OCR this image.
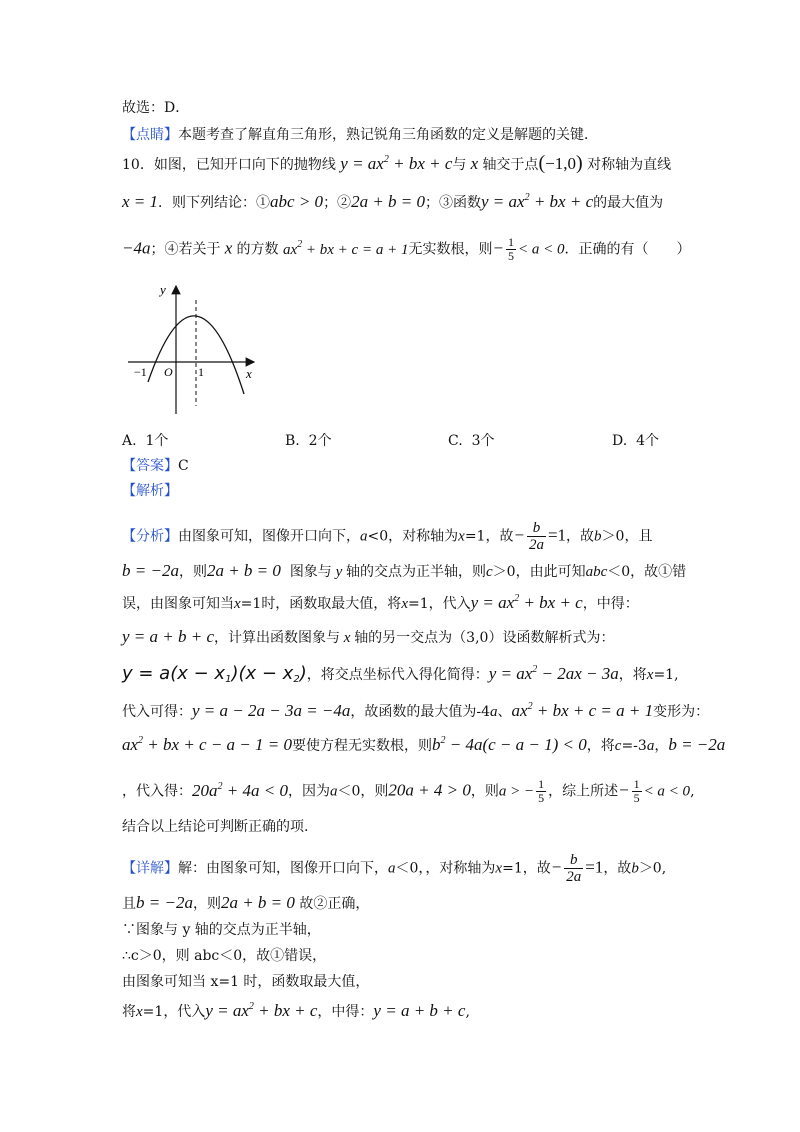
故选：D．
【点睛】本题考查了解直角三角形，熟记锐角三角函数的定义是解题的关键．
10．如图，已知开口向下的抛物线 $y = ax^2$ + bx + c与 x 轴交于点(−1,0) 对称轴为直线
x = 1．则下列结论：①abc > 0；②2a + b = 0；③函数$y = ax^2$ + bx + c的最大值为
−4a；④若关于 x 的方数 $ax^2$ + bx + c = a + 1无实数根，则− $\frac{1}{5} < a < 0$．正确的有（　　）
y
x
O
−1	1
A. 1个	B. 2个	C. 3个	D. 4个
【答案】C
【解析】
【分析】由图象可知，图像开口向下，a<0，对称轴为x=1，故− $\frac{b}{2a} =1$，故b＞0，且
b = −2a，则2a + b = 0 图象与 y 轴的交点为正半轴，则c＞0，由此可知abc＜0，故①错
误，由图象可知当x=1时，函数取最大值，将x=1，代入$y = ax^2$ + bx + c，中得：
y = a + b + c，计算出函数图象与 x 轴的另一交点为（3,0）设函数解析式为：
$y = a(x - x_1)(x - x_2)$，将交点坐标代入得化简得：$y = ax^2 - 2ax - 3a$，将x=1,
代入可得：y = a − 2a − 3a = −4a，故函数的最大值为-4a、$ax^2$ + bx + c = a + 1变形为：
$ax^2$ + bx + c − a − 1 = 0要使方程无实数根，则$b^2 - 4a(c - a - 1) < 0$，将c=-3a，b = −2a
，代入得：$20a^2 + 4a < 0$，因为a＜0，则20a + 4 > 0，则a > − $\frac{1}{5}$ ，综上所述− $\frac{1}{5} < a < 0$,
结合以上结论可判断正确的项.
【详解】解：由图象可知，图像开口向下，a＜0，，对称轴为x=1，故− $\frac{b}{2a} =1$，故b＞0,
且b = −2a，则2a + b = 0 故②正确，
∵图象与 y 轴的交点为正半轴，
∴c＞0，则 abc＜0，故①错误，
由图象可知当 x=1 时，函数取最大值，
将x=1，代入$y = ax^2$ + bx + c，中得：y = a + b + c,
